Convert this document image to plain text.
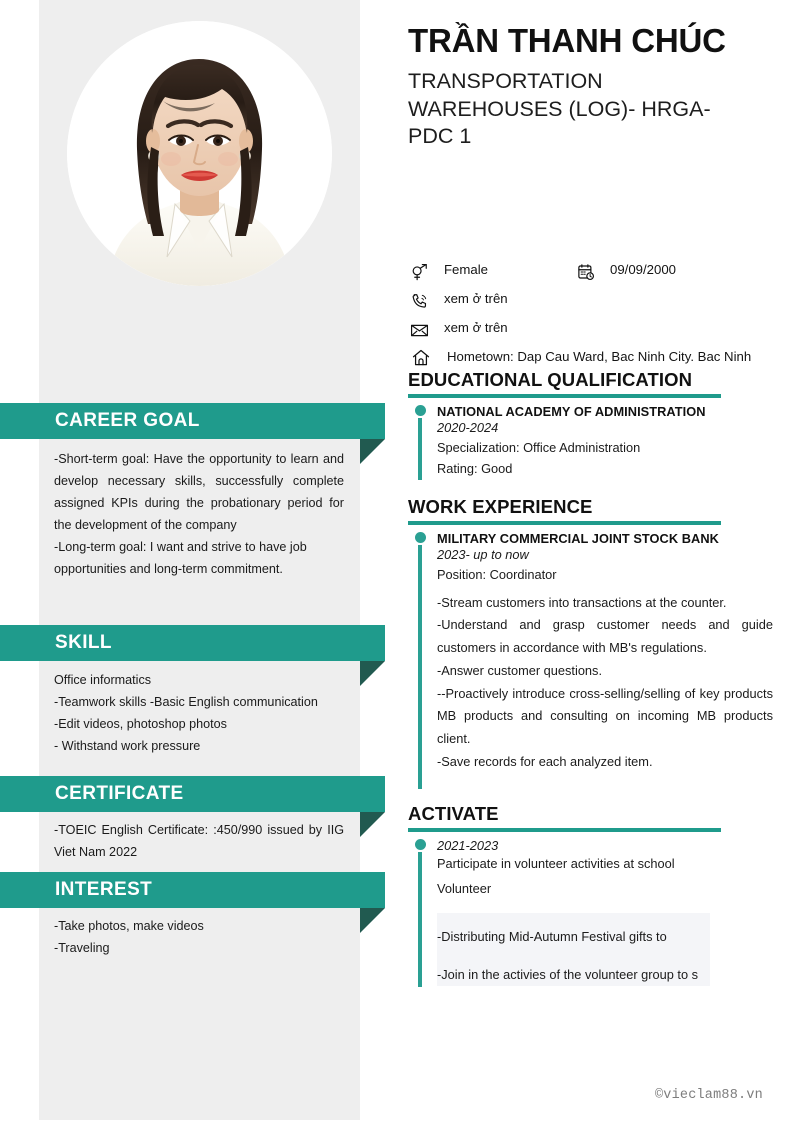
CAREER GOAL
-Short-term goal: Have the opportunity to learn and develop necessary skills, successfully complete assigned KPIs during the probationary period for the development of the company
-Long-term goal: I want and strive to have job opportunities and long-term commitment.
SKILL
Office informatics
-Teamwork skills -Basic English communication
-Edit videos, photoshop photos
- Withstand work pressure
CERTIFICATE
-TOEIC English Certificate: :450/990 issued by IIG Viet Nam 2022
INTEREST
-Take photos, make videos
-Traveling
TRẦN THANH CHÚC
TRANSPORTATION WAREHOUSES (LOG)- HRGA-PDC 1
Female	09/09/2000
xem ở trên
xem ở trên
Hometown: Dap Cau Ward, Bac Ninh City. Bac Ninh
EDUCATIONAL QUALIFICATION
NATIONAL ACADEMY OF ADMINISTRATION
2020-2024
Specialization: Office Administration
Rating: Good
WORK EXPERIENCE
MILITARY COMMERCIAL JOINT STOCK BANK
2023- up to now
Position: Coordinator
-Stream customers into transactions at the counter.
-Understand and grasp customer needs and guide customers in accordance with MB's regulations.
-Answer customer questions.
--Proactively introduce cross-selling/selling of key products MB products and consulting on incoming MB products client.
-Save records for each analyzed item.
ACTIVATE
2021-2023
Participate in volunteer activities at school
Volunteer
-Distributing Mid-Autumn Festival gifts to
-Join in the activies of the volunteer group to s
©vieclam88.vn
